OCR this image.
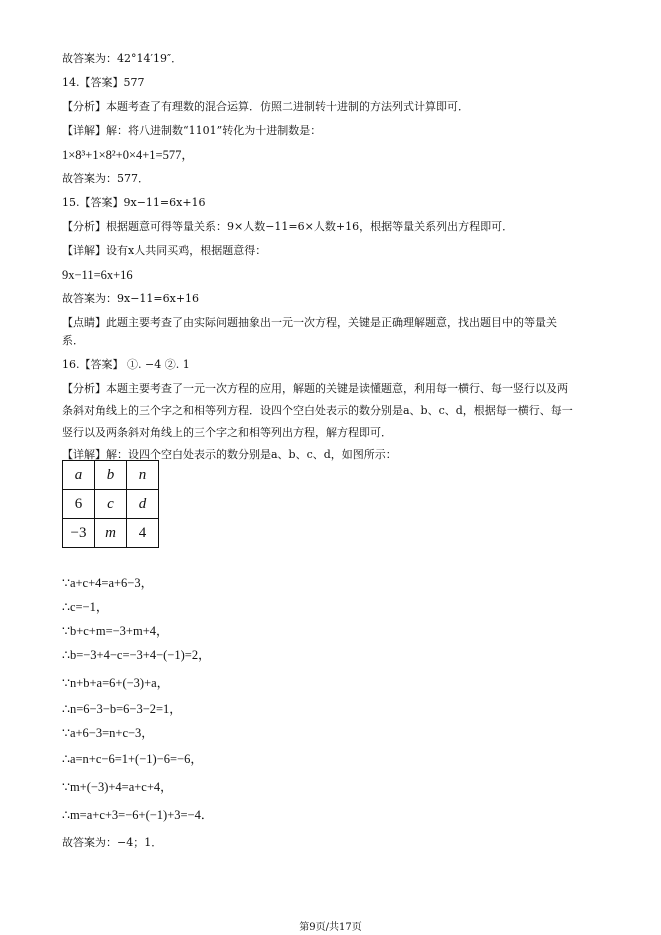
故答案为：42°14′19″．
14.【答案】577
【分析】本题考查了有理数的混合运算．仿照二进制转十进制的方法列式计算即可．
【详解】解：将八进制数“1101”转化为十进制数是：
1×8³+1×8²+0×4+1=577，
故答案为：577．
15.【答案】9x−11=6x+16
【分析】根据题意可得等量关系：9×人数−11=6×人数+16，根据等量关系列出方程即可．
【详解】设有x人共同买鸡，根据题意得：
9x−11=6x+16
故答案为：9x−11=6x+16
【点睛】此题主要考查了由实际问题抽象出一元一次方程，关键是正确理解题意，找出题目中的等量关
系．
16.【答案】 ①. −4 ②. 1
【分析】本题主要考查了一元一次方程的应用，解题的关键是读懂题意，利用每一横行、每一竖行以及两
条斜对角线上的三个字之和相等列方程．设四个空白处表示的数分别是a、b、c、d，根据每一横行、每一
竖行以及两条斜对角线上的三个字之和相等列出方程，解方程即可．
【详解】解：设四个空白处表示的数分别是a、b、c、d，如图所示：
∵a+c+4=a+6−3，
∴c=−1，
∵b+c+m=−3+m+4，
∴b=−3+4−c=−3+4−(−1)=2，
∵n+b+a=6+(−3)+a，
∴n=6−3−b=6−3−2=1，
∵a+6−3=n+c−3，
∴a=n+c−6=1+(−1)−6=−6，
∵m+(−3)+4=a+c+4，
∴m=a+c+3=−6+(−1)+3=−4．
故答案为：−4；1．
a	b	n
6	c	d
−3	m	4
第9页/共17页
